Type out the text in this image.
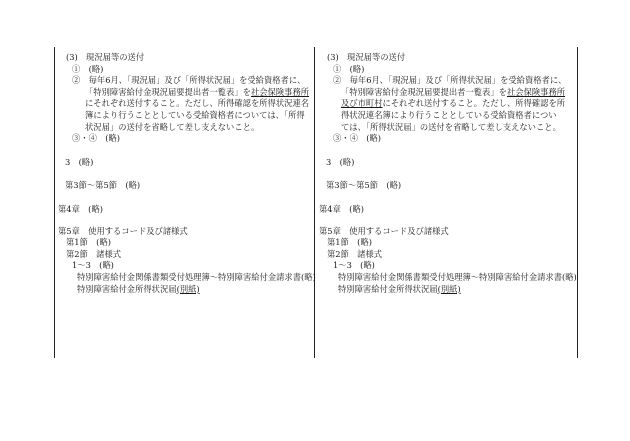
(3)　現況届等の送付
①　(略)
②　毎年6月、「現況届」及び「所得状況届」を受給資格者に、
「特別障害給付金現況届要提出者一覧表」を社会保険事務所
にそれぞれ送付すること。ただし、所得確認を所得状況連名
簿により行うこととしている受給資格者については、「所得
状況届」の送付を省略して差し支えないこと。
③・④　(略)
3　(略)
第3節～第5節　(略)
第4章　(略)
第5章　使用するコード及び諸様式
第1節　(略)
第2節　諸様式
1～3　(略)
特別障害給付金関係書類受付処理簿～特別障害給付金請求書(略)
特別障害給付金所得状況届(別紙)
(3)　現況届等の送付
①　(略)
②　毎年6月、「現況届」及び「所得状況届」を受給資格者に、
「特別障害給付金現況届要提出者一覧表」を社会保険事務所
及び市町村にそれぞれ送付すること。ただし、所得確認を所
得状況連名簿により行うこととしている受給資格者につい
ては、「所得状況届」の送付を省略して差し支えないこと。
③・④　(略)
3　(略)
第3節～第5節　(略)
第4章　(略)
第5章　使用するコード及び諸様式
第1節　(略)
第2節　諸様式
1～3　(略)
特別障害給付金関係書類受付処理簿～特別障害給付金請求書(略)
特別障害給付金所得状況届(別紙)
